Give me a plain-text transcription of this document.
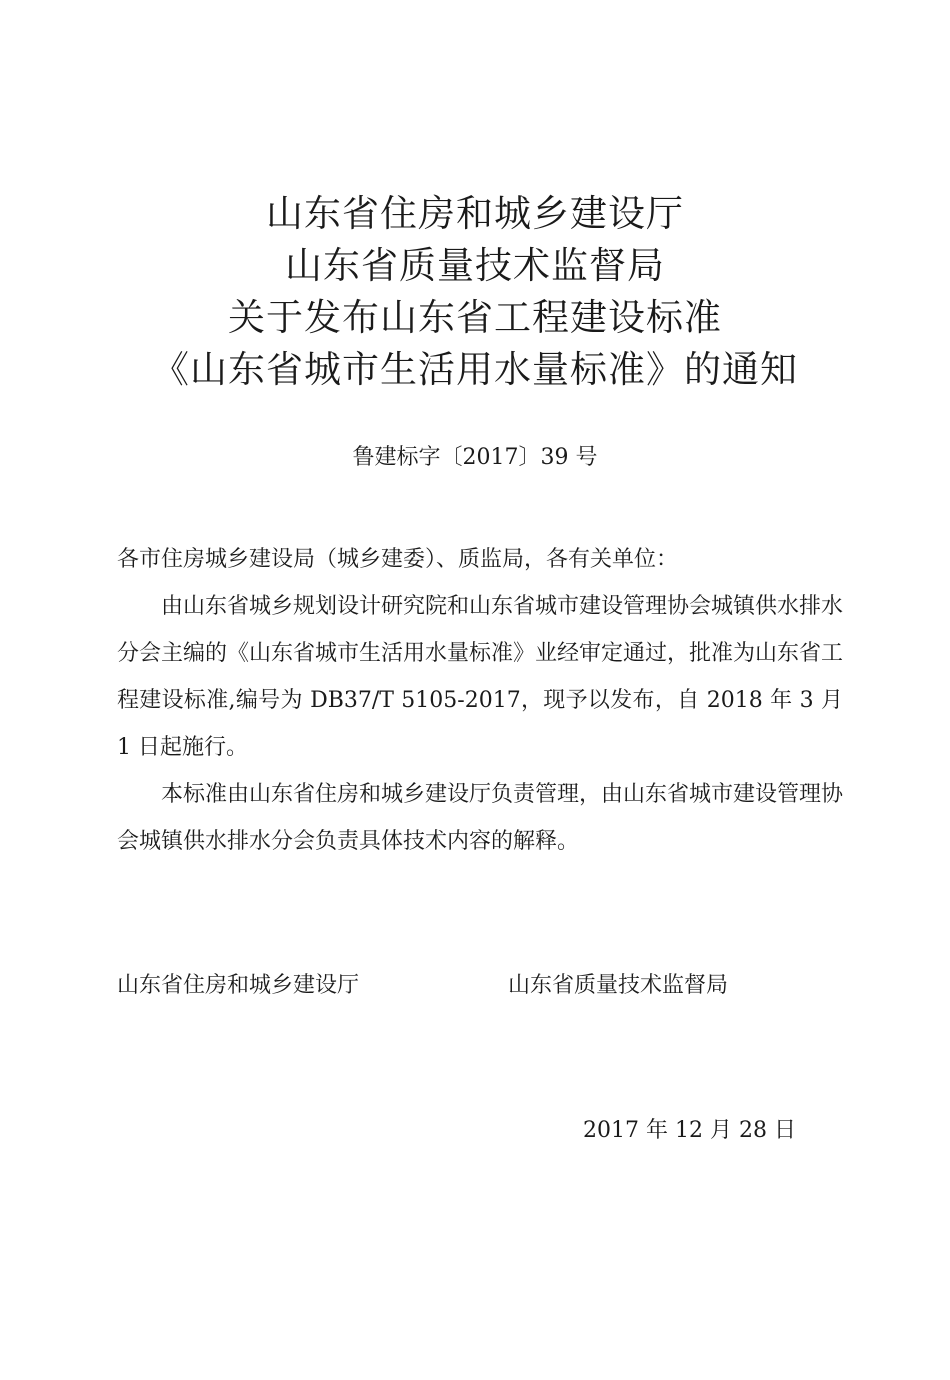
山东省住房和城乡建设厅
山东省质量技术监督局
关于发布山东省工程建设标准
《山东省城市生活用水量标准》的通知
鲁建标字〔2017〕39 号
各市住房城乡建设局（城乡建委）、质监局，各有关单位：
由山东省城乡规划设计研究院和山东省城市建设管理协会城镇供水排水分会主编的《山东省城市生活用水量标准》业经审定通过，批准为山东省工程建设标准,编号为 DB37/T 5105-2017，现予以发布，自 2018 年 3 月 1 日起施行。
本标准由山东省住房和城乡建设厅负责管理，由山东省城市建设管理协会城镇供水排水分会负责具体技术内容的解释。
山东省住房和城乡建设厅	山东省质量技术监督局
2017 年 12 月 28 日
